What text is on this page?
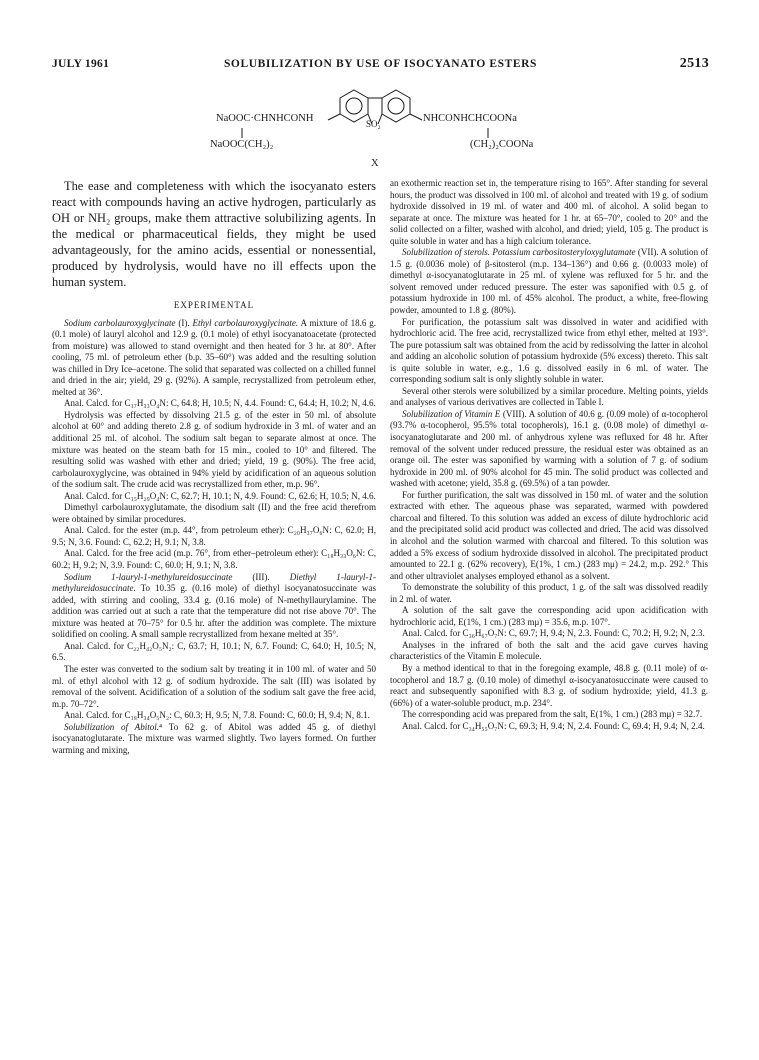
JULY 1961	SOLUBILIZATION BY USE OF ISOCYANATO ESTERS	2513
NaOOC·CHNHCONH
NaOOC(CH₂)₂
SO₂	NHCONHCHCOONa
(CH₂)₂COONa
X

The ease and completeness with which the isocyanato esters react with compounds having an active hydrogen, particularly as OH or NH₂ groups, make them attractive solubilizing agents. In the medical or pharmaceutical fields, they might be used advantageously, for the amino acids, essential or nonessential, produced by hydrolysis, would have no ill effects upon the human system.

EXPERIMENTAL

Sodium carbolauroxyglycinate (I). Ethyl carbolauroxyglycinate. A mixture of 18.6 g. (0.1 mole) of lauryl alcohol and 12.9 g. (0.1 mole) of ethyl isocyanatoacetate (protected from moisture) was allowed to stand overnight and then heated for 3 hr. at 80°. After cooling, 75 ml. of petroleum ether (b.p. 35–60°) was added and the resulting solution was chilled in Dry Ice–acetone. The solid that separated was collected on a chilled funnel and dried in the air; yield, 29 g. (92%). A sample, recrystallized from petroleum ether, melted at 36°.

Anal. Calcd. for C₁₇H₃₃O₄N: C, 64.8; H, 10.5; N, 4.4. Found: C, 64.4; H, 10.2; N, 4.6.

Hydrolysis was effected by dissolving 21.5 g. of the ester in 50 ml. of absolute alcohol at 60° and adding thereto 2.8 g. of sodium hydroxide in 3 ml. of water and an additional 25 ml. of alcohol. The sodium salt began to separate almost at once. The mixture was heated on the steam bath for 15 min., cooled to 10° and filtered. The resulting solid was washed with ether and dried; yield, 19 g. (90%). The free acid, carbolauroxyglycine, was obtained in 94% yield by acidification of an aqueous solution of the sodium salt. The crude acid was recrystallized from ether, m.p. 96°.

Anal. Calcd. for C₁₅H₂₉O₄N: C, 62.7; H, 10.1; N, 4.9. Found: C, 62.6; H, 10.5; N, 4.6.

Dimethyl carbolauroxyglutamate, the disodium salt (II) and the free acid therefrom were obtained by similar procedures.

Anal. Calcd. for the ester (m.p. 44°, from petroleum ether): C₂₀H₃₇O₆N: C, 62.0; H, 9.5; N, 3.6. Found: C, 62.2; H, 9.1; N, 3.8.

Anal. Calcd. for the free acid (m.p. 76°, from ether–petroleum ether): C₁₈H₃₃O₆N: C, 60.2; H, 9.2; N, 3.9. Found: C, 60.0; H, 9.1; N, 3.8.

Sodium 1-lauryl-1-methylureidosuccinate (III). Diethyl 1-lauryl-1-methylureidosuccinate. To 10.35 g. (0.16 mole) of diethyl isocyanatosuccinate was added, with stirring and cooling, 33.4 g. (0.16 mole) of N-methyllaurylamine. The addition was carried out at such a rate that the temperature did not rise above 70°. The mixture was heated at 70–75° for 0.5 hr. after the addition was complete. The mixture solidified on cooling. A small sample recrystallized from hexane melted at 35°.

Anal. Calcd. for C₂₂H₄₂O₅N₂: C, 63.7; H, 10.1; N, 6.7. Found: C, 64.0; H, 10.5; N, 6.5.

The ester was converted to the sodium salt by treating it in 100 ml. of water and 50 ml. of ethyl alcohol with 12 g. of sodium hydroxide. The salt (III) was isolated by removal of the solvent. Acidification of a solution of the sodium salt gave the free acid, m.p. 70–72°.

Anal. Calcd. for C₁₈H₃₄O₅N₂: C, 60.3; H, 9.5; N, 7.8. Found: C, 60.0; H, 9.4; N, 8.1.

Solubilization of Abitol.⁴ To 62 g. of Abitol was added 45 g. of diethyl isocyanatoglutarate. The mixture was warmed slightly. Two layers formed. On further warming and mixing,

an exothermic reaction set in, the temperature rising to 165°. After standing for several hours, the product was dissolved in 100 ml. of alcohol and treated with 19 g. of sodium hydroxide dissolved in 19 ml. of water and 400 ml. of alcohol. A solid began to separate at once. The mixture was heated for 1 hr. at 65–70°, cooled to 20° and the solid collected on a filter, washed with alcohol, and dried; yield, 105 g. The product is quite soluble in water and has a high calcium tolerance.

Solubilization of sterols. Potassium carbositosteryloxyglutamate (VII). A solution of 1.5 g. (0.0036 mole) of β-sitosterol (m.p. 134–136°) and 0.66 g. (0.0033 mole) of dimethyl α-isocyanatoglutarate in 25 ml. of xylene was refluxed for 5 hr. and the solvent removed under reduced pressure. The ester was saponified with 0.5 g. of potassium hydroxide in 100 ml. of 45% alcohol. The product, a white, free-flowing powder, amounted to 1.8 g. (80%).

For purification, the potassium salt was dissolved in water and acidified with hydrochloric acid. The free acid, recrystallized twice from ethyl ether, melted at 193°. The pure potassium salt was obtained from the acid by redissolving the latter in alcohol and adding an alcoholic solution of potassium hydroxide (5% excess) thereto. This salt is quite soluble in water, e.g., 1.6 g. dissolved easily in 6 ml. of water. The corresponding sodium salt is only slightly soluble in water.

Several other sterols were solubilized by a similar procedure. Melting points, yields and analyses of various derivatives are collected in Table I.

Solubilization of Vitamin E (VIII). A solution of 40.6 g. (0.09 mole) of α-tocopherol (93.7% α-tocopherol, 95.5% total tocopherols), 16.1 g. (0.08 mole) of dimethyl α-isocyanatoglutarate and 200 ml. of anhydrous xylene was refluxed for 48 hr. After removal of the solvent under reduced pressure, the residual ester was obtained as an orange oil. The ester was saponified by warming with a solution of 7 g. of sodium hydroxide in 200 ml. of 90% alcohol for 45 min. The solid product was collected and washed with acetone; yield, 35.8 g. (69.5%) of a tan powder.

For further purification, the salt was dissolved in 150 ml. of water and the solution extracted with ether. The aqueous phase was separated, warmed with powdered charcoal and filtered. To this solution was added an excess of dilute hydrochloric acid and the precipitated solid acid product was collected and dried. The acid was dissolved in alcohol and the solution warmed with charcoal and filtered. To this solution was added a 5% excess of sodium hydroxide dissolved in alcohol. The precipitated product amounted to 22.1 g. (62% recovery), E(1%, 1 cm.) (283 mμ) = 24.2, m.p. 292.° This and other ultraviolet analyses employed ethanol as a solvent.

To demonstrate the solubility of this product, 1 g. of the salt was dissolved readily in 2 ml. of water.

A solution of the salt gave the corresponding acid upon acidification with hydrochloric acid, E(1%, 1 cm.) (283 mμ) = 35.6, m.p. 107°.

Anal. Calcd. for C₃₆H₆₇O₇N: C, 69.7; H, 9.4; N, 2.3. Found: C, 70.2; H, 9.2; N, 2.3.

Analyses in the infrared of both the salt and the acid gave curves having characteristics of the Vitamin E molecule.

By a method identical to that in the foregoing example, 48.8 g. (0.11 mole) of α-tocopherol and 18.7 g. (0.10 mole) of dimethyl α-isocyanatosuccinate were caused to react and subsequently saponified with 8.3 g. of sodium hydroxide; yield, 41.3 g. (66%) of a water-soluble product, m.p. 234°.

The corresponding acid was prepared from the salt, E(1%, 1 cm.) (283 mμ) = 32.7.

Anal. Calcd. for C₃₄H₅₅O₇N: C, 69.3; H, 9.4; N, 2.4. Found: C, 69.4; H, 9.4; N, 2.4.
